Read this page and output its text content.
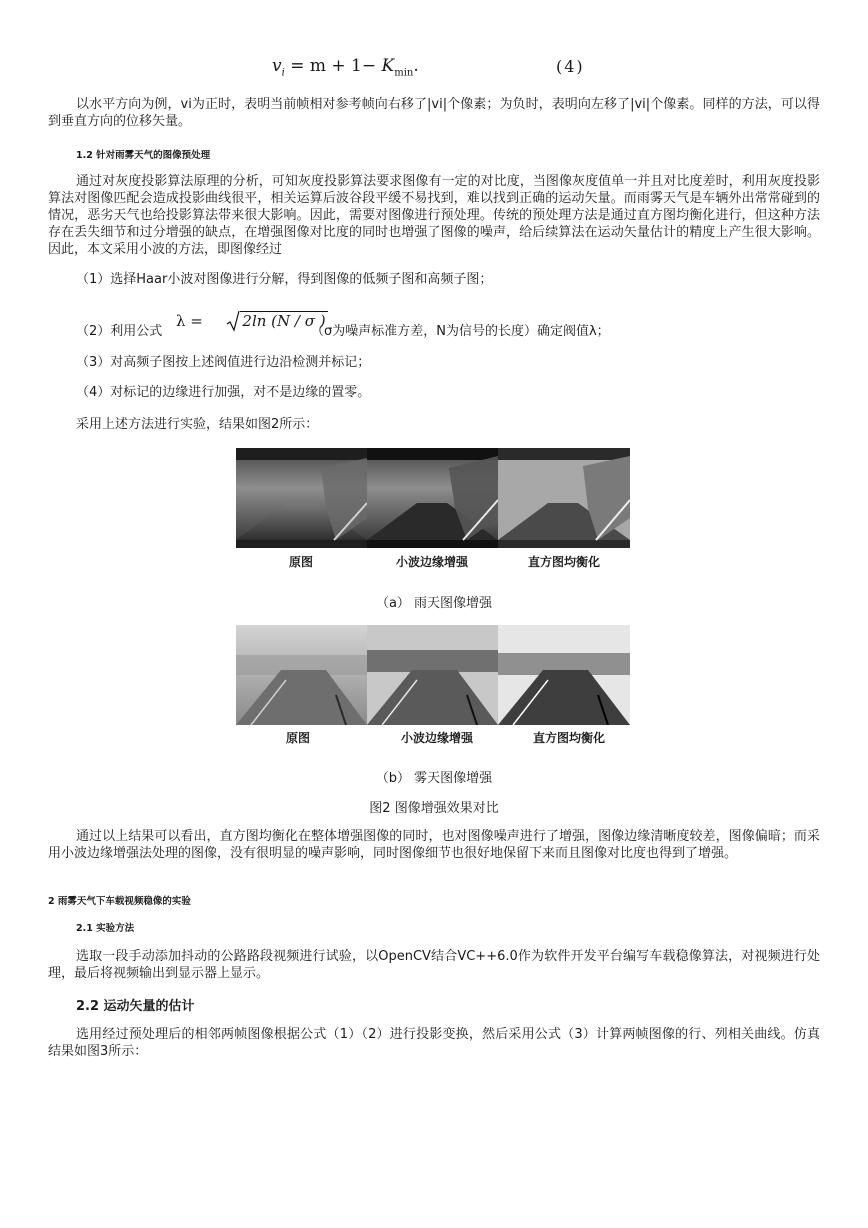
$v_i = m + 1- K_{min}$.	(4)
以水平方向为例，vi为正时，表明当前帧相对参考帧向右移了|vi|个像素；为负时，表明向左移了|vi|个像素。同样的方法，可以得到垂直方向的位移矢量。
1.2 针对雨雾天气的图像预处理
通过对灰度投影算法原理的分析，可知灰度投影算法要求图像有一定的对比度，当图像灰度值单一并且对比度差时，利用灰度投影算法对图像匹配会造成投影曲线很平，相关运算后波谷段平缓不易找到，难以找到正确的运动矢量。而雨雾天气是车辆外出常常碰到的情况，恶劣天气也给投影算法带来很大影响。因此，需要对图像进行预处理。传统的预处理方法是通过直方图均衡化进行，但这种方法存在丢失细节和过分增强的缺点，在增强图像对比度的同时也增强了图像的噪声，给后续算法在运动矢量估计的精度上产生很大影响。因此，本文采用小波的方法，即图像经过
（1）选择Haar小波对图像进行分解，得到图像的低频子图和高频子图；
（2）利用公式
λ =	2ln (N / σ )
（σ为噪声标准方差，N为信号的长度）确定阀值λ；
（3）对高频子图按上述阀值进行边沿检测并标记；
（4）对标记的边缘进行加强，对不是边缘的置零。
采用上述方法进行实验，结果如图2所示：
原图	小波边缘增强	直方图均衡化
（a） 雨天图像增强
原图	小波边缘增强	直方图均衡化
（b） 雾天图像增强
图2 图像增强效果对比
通过以上结果可以看出，直方图均衡化在整体增强图像的同时，也对图像噪声进行了增强，图像边缘清晰度较差，图像偏暗；而采用小波边缘增强法处理的图像，没有很明显的噪声影响，同时图像细节也很好地保留下来而且图像对比度也得到了增强。
2 雨雾天气下车载视频稳像的实验
2.1 实验方法
选取一段手动添加抖动的公路路段视频进行试验，以OpenCV结合VC++6.0作为软件开发平台编写车载稳像算法，对视频进行处理，最后将视频输出到显示器上显示。
2.2 运动矢量的估计
选用经过预处理后的相邻两帧图像根据公式（1）（2）进行投影变换，然后采用公式（3）计算两帧图像的行、列相关曲线。仿真结果如图3所示：
